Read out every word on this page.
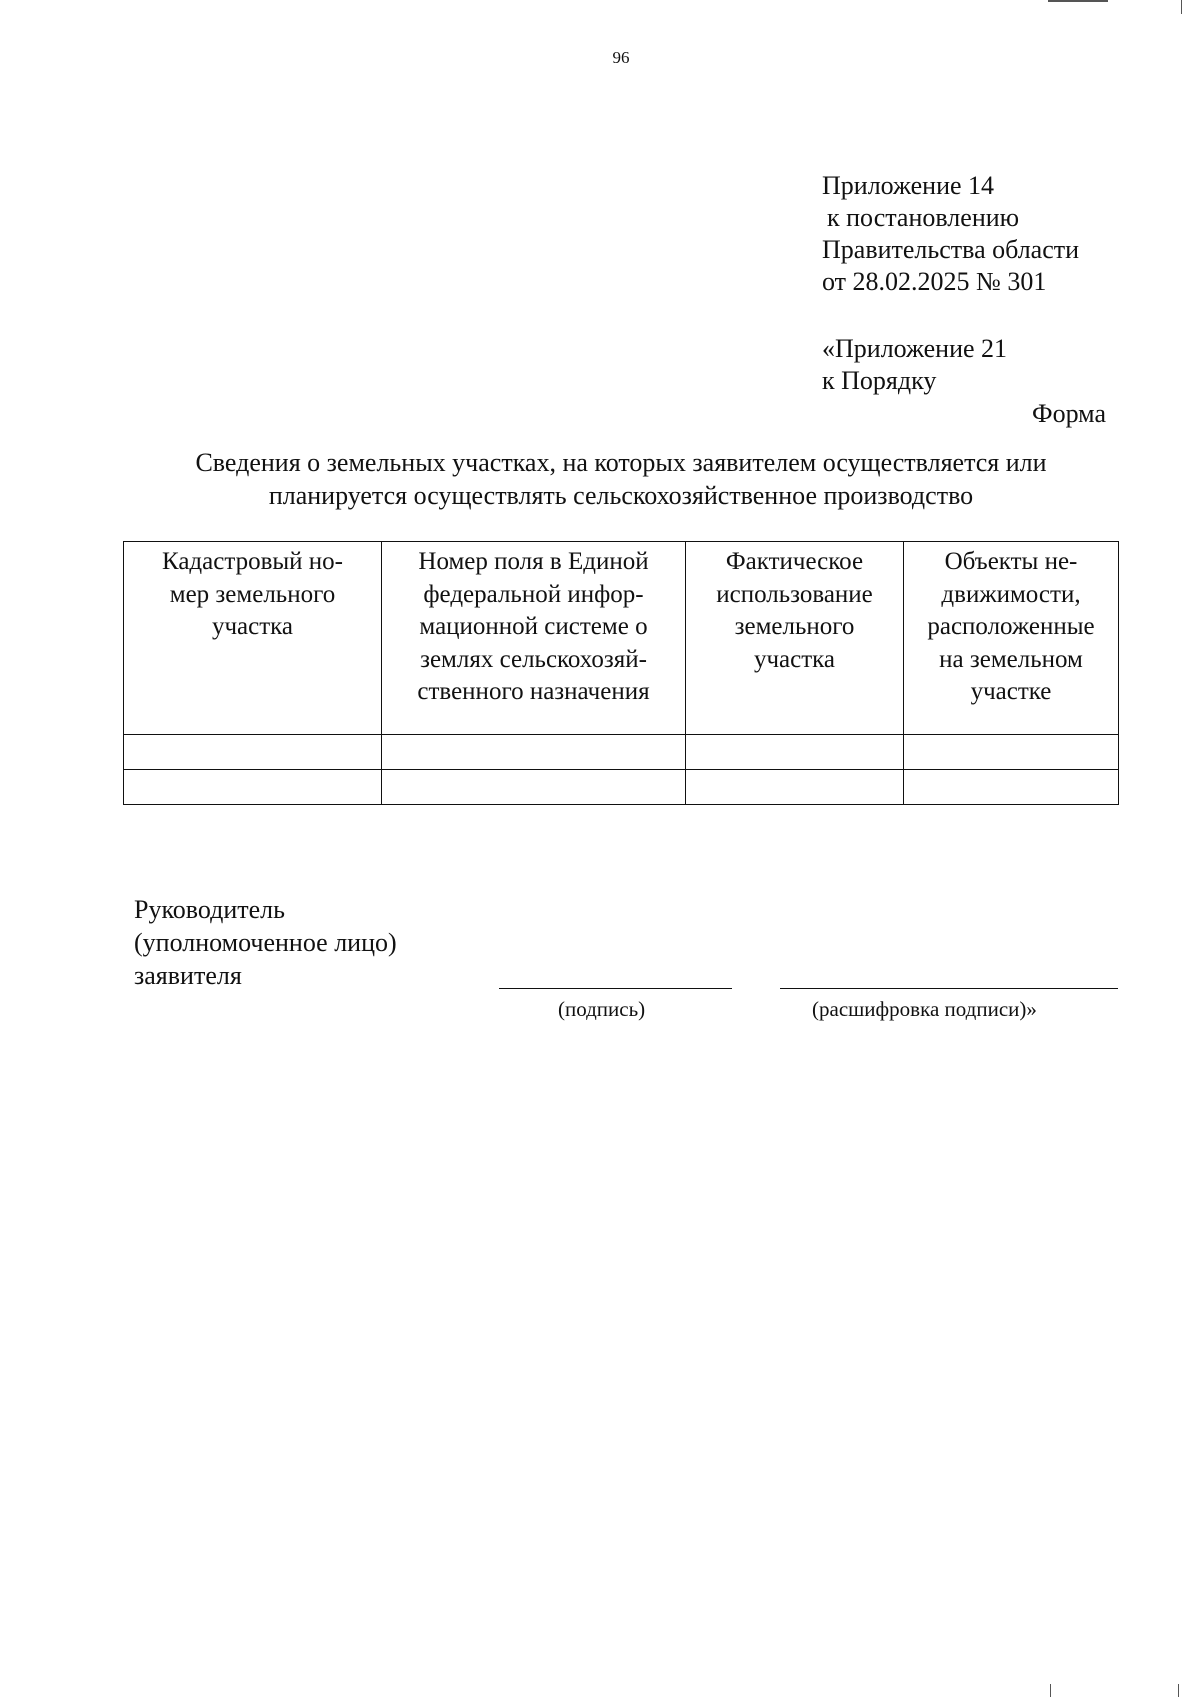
96
Приложение 14
к постановлению
Правительства области
от 28.02.2025 № 301
«Приложение 21
к Порядку
Форма
Сведения о земельных участках, на которых заявителем осуществляется или
планируется осуществлять сельскохозяйственное производство
Кадастровый но-
мер земельного
участка	Номер поля в Единой
федеральной инфор-
мационной системе о
землях сельскохозяй-
ственного назначения	Фактическое
использование
земельного
участка	Объекты не-
движимости,
расположенные
на земельном
участке

Руководитель
(уполномоченное лицо)
заявителя
(подпись)	(расшифровка подписи)»
